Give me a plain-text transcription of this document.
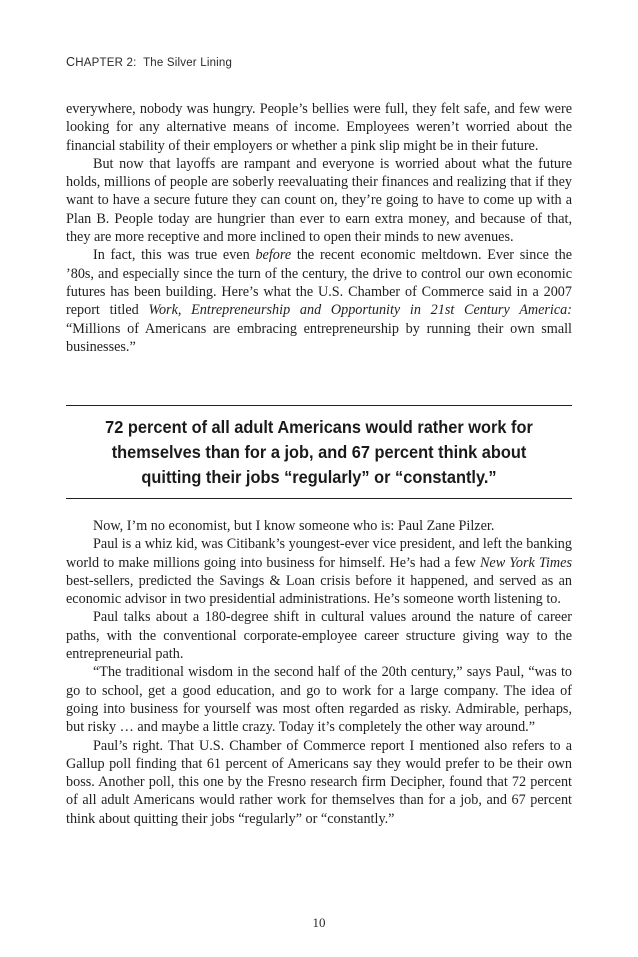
CHAPTER 2: The Silver Lining

everywhere, nobody was hungry. People’s bellies were full, they felt safe, and few were looking for any alternative means of income. Employees weren’t worried about the financial stability of their employers or whether a pink slip might be in their future.

But now that layoffs are rampant and everyone is worried about what the future holds, millions of people are soberly reevaluating their finances and realizing that if they want to have a secure future they can count on, they’re going to have to come up with a Plan B. People today are hungrier than ever to earn extra money, and because of that, they are more receptive and more inclined to open their minds to new avenues.

In fact, this was true even before the recent economic meltdown. Ever since the ’80s, and especially since the turn of the century, the drive to control our own economic futures has been building. Here’s what the U.S. Chamber of Commerce said in a 2007 report titled Work, Entrepreneurship and Opportunity in 21st Century America: “Millions of Americans are embracing entrepreneurship by running their own small businesses.”

72 percent of all adult Americans would rather work for themselves than for a job, and 67 percent think about quitting their jobs “regularly” or “constantly.”

Now, I’m no economist, but I know someone who is: Paul Zane Pilzer.

Paul is a whiz kid, was Citibank’s youngest-ever vice president, and left the banking world to make millions going into business for himself. He’s had a few New York Times best-sellers, predicted the Savings & Loan crisis before it happened, and served as an economic advisor in two presidential administrations. He’s someone worth listening to.

Paul talks about a 180-degree shift in cultural values around the nature of career paths, with the conventional corporate-employee career structure giving way to the entrepreneurial path.

“The traditional wisdom in the second half of the 20th century,” says Paul, “was to go to school, get a good education, and go to work for a large company. The idea of going into business for yourself was most often regarded as risky. Admirable, perhaps, but risky … and maybe a little crazy. Today it’s completely the other way around.”

Paul’s right. That U.S. Chamber of Commerce report I mentioned also refers to a Gallup poll finding that 61 percent of Americans say they would prefer to be their own boss. Another poll, this one by the Fresno research firm Decipher, found that 72 percent of all adult Americans would rather work for themselves than for a job, and 67 percent think about quitting their jobs “regularly” or “constantly.”

10
